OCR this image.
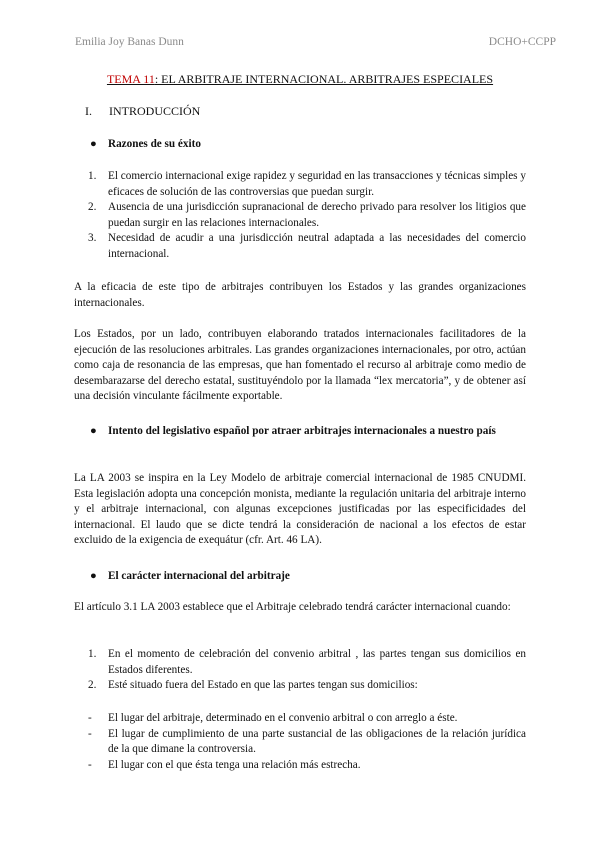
Emilia Joy Banas Dunn	DCHO+CCPP
TEMA 11: EL ARBITRAJE INTERNACIONAL. ARBITRAJES ESPECIALES
I. INTRODUCCIÓN
●	Razones de su éxito
1. El comercio internacional exige rapidez y seguridad en las transacciones y técnicas simples y eficaces de solución de las controversias que puedan surgir.
2. Ausencia de una jurisdicción supranacional de derecho privado para resolver los litigios que puedan surgir en las relaciones internacionales.
3. Necesidad de acudir a una jurisdicción neutral adaptada a las necesidades del comercio internacional.
A la eficacia de este tipo de arbitrajes contribuyen los Estados y las grandes organizaciones internacionales.
Los Estados, por un lado, contribuyen elaborando tratados internacionales facilitadores de la ejecución de las resoluciones arbitrales. Las grandes organizaciones internacionales, por otro, actúan como caja de resonancia de las empresas, que han fomentado el recurso al arbitraje como medio de desembarazarse del derecho estatal, sustituyéndolo por la llamada “lex mercatoria”, y de obtener así una decisión vinculante fácilmente exportable.
●	Intento del legislativo español por atraer arbitrajes internacionales a nuestro país
La LA 2003 se inspira en la Ley Modelo de arbitraje comercial internacional de 1985 CNUDMI. Esta legislación adopta una concepción monista, mediante la regulación unitaria del arbitraje interno y el arbitraje internacional, con algunas excepciones justificadas por las especificidades del internacional. El laudo que se dicte tendrá la consideración de nacional a los efectos de estar excluido de la exigencia de exequátur (cfr. Art. 46 LA).
●	El carácter internacional del arbitraje
El artículo 3.1 LA 2003 establece que el Arbitraje celebrado tendrá carácter internacional cuando:
1. En el momento de celebración del convenio arbitral , las partes tengan sus domicilios en Estados diferentes.
2. Esté situado fuera del Estado en que las partes tengan sus domicilios:
- El lugar del arbitraje, determinado en el convenio arbitral o con arreglo a éste.
- El lugar de cumplimiento de una parte sustancial de las obligaciones de la relación jurídica de la que dimane la controversia.
- El lugar con el que ésta tenga una relación más estrecha.
